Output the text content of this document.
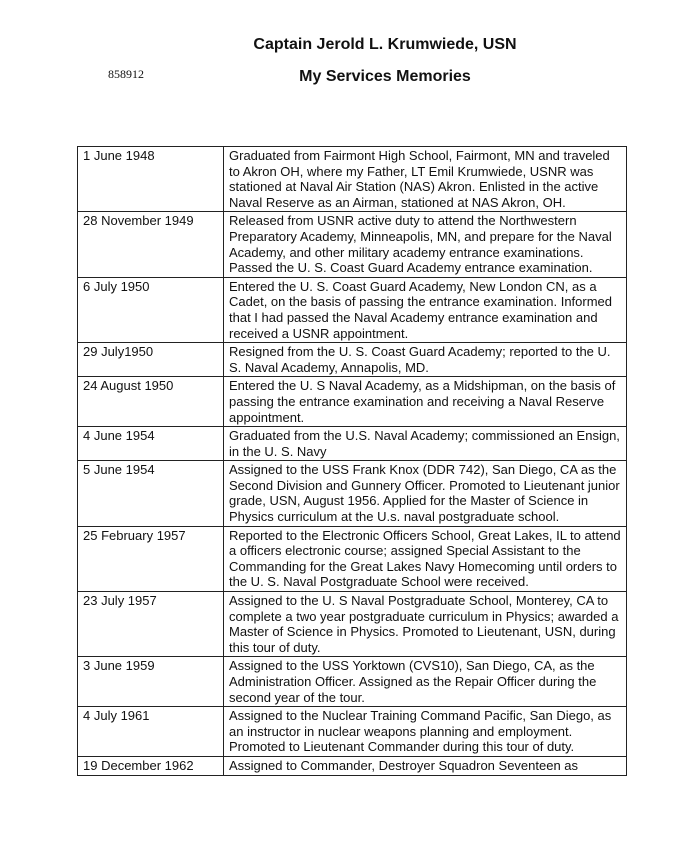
Captain Jerold L. Krumwiede, USN
858912	My Services Memories
1 June 1948	Graduated from Fairmont High School, Fairmont, MN and traveled to Akron OH, where my Father, LT Emil Krumwiede, USNR was stationed at Naval Air Station (NAS) Akron. Enlisted in the active Naval Reserve as an Airman, stationed at NAS Akron, OH.
28 November 1949	Released from USNR active duty to attend the Northwestern Preparatory Academy, Minneapolis, MN, and prepare for the Naval Academy, and other military academy entrance examinations. Passed the U. S. Coast Guard Academy entrance examination.
6 July 1950	Entered the U. S. Coast Guard Academy, New London CN, as a Cadet, on the basis of passing the entrance examination. Informed that I had passed the Naval Academy entrance examination and received a USNR appointment.
29 July1950	Resigned from the U. S. Coast Guard Academy; reported to the U. S. Naval Academy, Annapolis, MD.
24 August 1950	Entered the U. S Naval Academy, as a Midshipman, on the basis of passing the entrance examination and receiving a Naval Reserve appointment.
4 June 1954	Graduated from the U.S. Naval Academy; commissioned an Ensign, in the U. S. Navy
5 June 1954	Assigned to the USS Frank Knox (DDR 742), San Diego, CA as the Second Division and Gunnery Officer. Promoted to Lieutenant junior grade, USN, August 1956. Applied for the Master of Science in Physics curriculum at the U.s. naval postgraduate school.
25 February 1957	Reported to the Electronic Officers School, Great Lakes, IL to attend a officers electronic course; assigned Special Assistant to the Commanding for the Great Lakes Navy Homecoming until orders to the U. S. Naval Postgraduate School were received.
23 July 1957	Assigned to the U. S Naval Postgraduate School, Monterey, CA to complete a two year postgraduate curriculum in Physics; awarded a Master of Science in Physics. Promoted to Lieutenant, USN, during this tour of duty.
3 June 1959	Assigned to the USS Yorktown (CVS10), San Diego, CA, as the Administration Officer. Assigned as the Repair Officer during the second year of the tour.
4 July 1961	Assigned to the Nuclear Training Command Pacific, San Diego, as an instructor in nuclear weapons planning and employment. Promoted to Lieutenant Commander during this tour of duty.
19 December 1962	Assigned to Commander, Destroyer Squadron Seventeen as
